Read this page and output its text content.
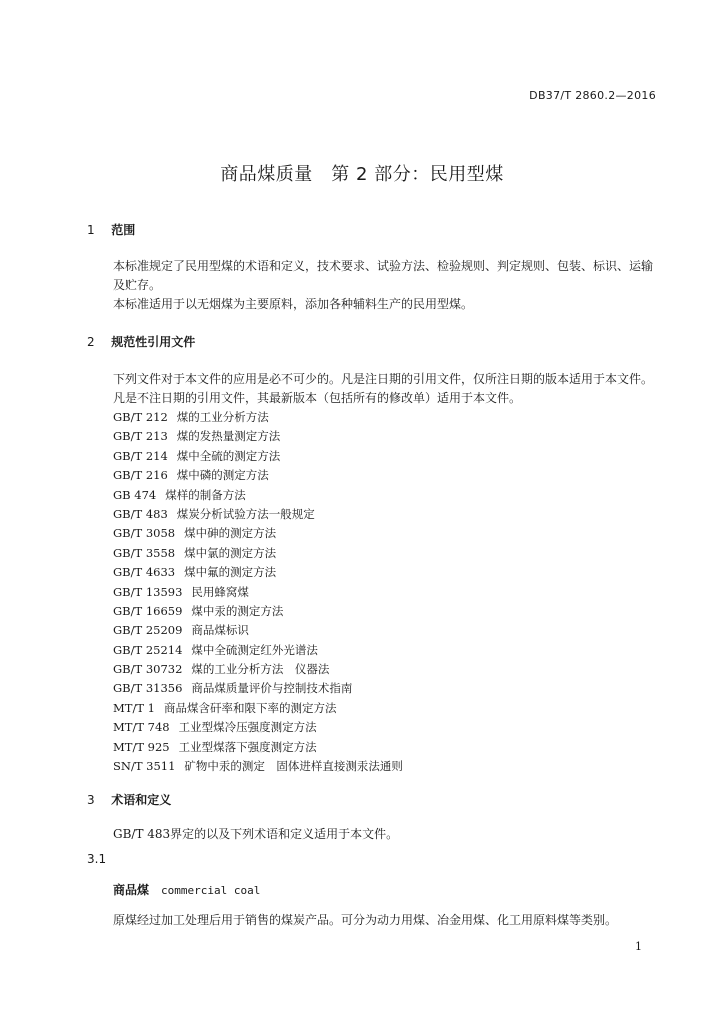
DB37/T 2860.2—2016
商品煤质量　第 2 部分：民用型煤
1 范围
本标准规定了民用型煤的术语和定义，技术要求、试验方法、检验规则、判定规则、包装、标识、运输及贮存。
本标准适用于以无烟煤为主要原料，添加各种辅料生产的民用型煤。
2 规范性引用文件
下列文件对于本文件的应用是必不可少的。凡是注日期的引用文件，仅所注日期的版本适用于本文件。凡是不注日期的引用文件，其最新版本（包括所有的修改单）适用于本文件。
GB/T 212 煤的工业分析方法
GB/T 213 煤的发热量测定方法
GB/T 214 煤中全硫的测定方法
GB/T 216 煤中磷的测定方法
GB 474 煤样的制备方法
GB/T 483 煤炭分析试验方法一般规定
GB/T 3058 煤中砷的测定方法
GB/T 3558 煤中氯的测定方法
GB/T 4633 煤中氟的测定方法
GB/T 13593 民用蜂窝煤
GB/T 16659 煤中汞的测定方法
GB/T 25209 商品煤标识
GB/T 25214 煤中全硫测定红外光谱法
GB/T 30732 煤的工业分析方法　仪器法
GB/T 31356 商品煤质量评价与控制技术指南
MT/T 1 商品煤含矸率和限下率的测定方法
MT/T 748 工业型煤冷压强度测定方法
MT/T 925 工业型煤落下强度测定方法
SN/T 3511 矿物中汞的测定　固体进样直接测汞法通则
3 术语和定义
GB/T 483界定的以及下列术语和定义适用于本文件。
3.1
商品煤 commercial coal
原煤经过加工处理后用于销售的煤炭产品。可分为动力用煤、冶金用煤、化工用原料煤等类别。
1
